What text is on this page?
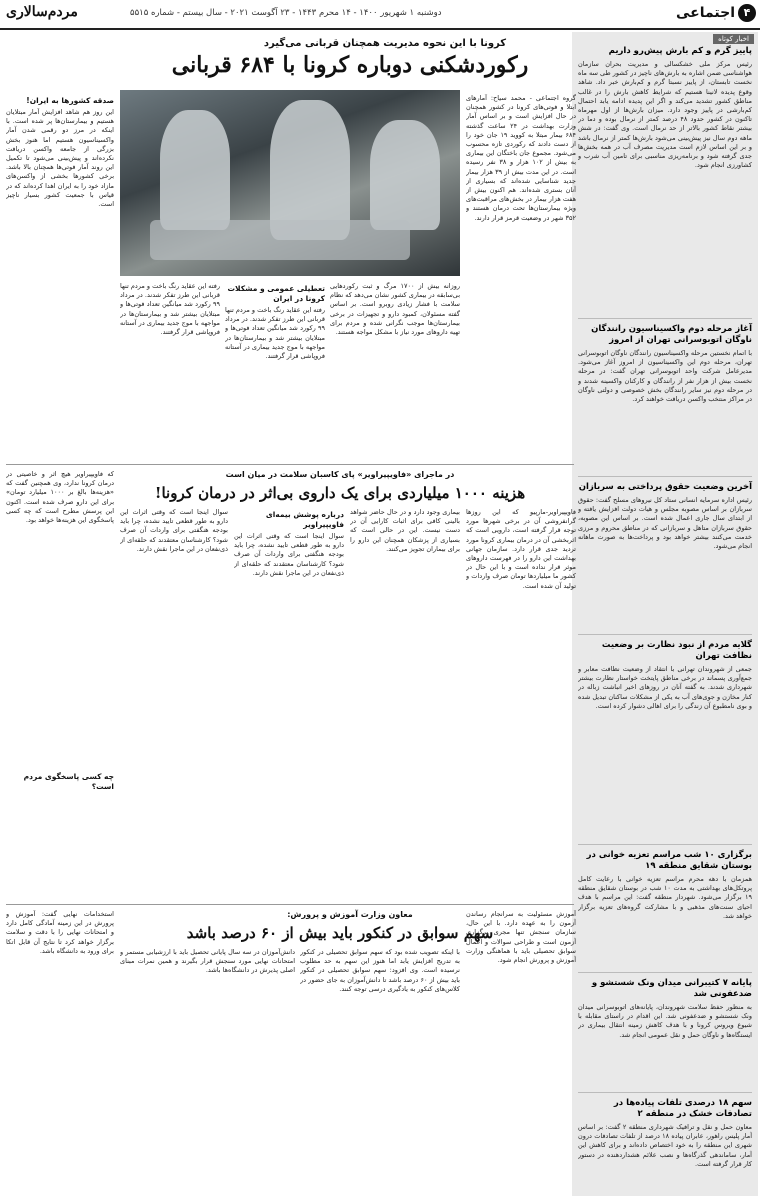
۴
اجتماعی
دوشنبه ۱ شهریور ۱۴۰۰ - ۱۴ محرم ۱۴۴۳ - ۲۳ آگوست ۲۰۲۱ - سال بیستم - شماره ۵۵۱۵
مردم‌سالاری
اخبار کوتاه
پاییز گرم و کم بارش پیش‌رو داریم
رئیس مرکز ملی خشکسالی و مدیریت بحران سازمان هواشناسی ضمن اشاره به بارش‌های ناچیز در کشور طی سه ماه نخست تابستان، از پاییز نسبتا گرم و کم‌بارش خبر داد. شاهد وقوع پدیده لانینا هستیم که شرایط کاهش بارش را در غالب مناطق کشور تشدید می‌کند و اگر این پدیده ادامه یابد احتمال کم‌بارشی در پاییز وجود دارد. میزان بارش‌ها از اول مهرماه تاکنون در کشور حدود ۴۸ درصد کمتر از نرمال بوده و دما در بیشتر نقاط کشور بالاتر از حد نرمال است. وی گفت: در شش ماهه دوم سال نیز پیش‌بینی می‌شود بارش‌ها کمتر از نرمال باشد و بر این اساس لازم است مدیریت مصرف آب در همه بخش‌ها جدی گرفته شود و برنامه‌ریزی مناسبی برای تامین آب شرب و کشاورزی انجام شود.
آغاز مرحله دوم واکسیناسیون رانندگان ناوگان اتوبوسرانی تهران از امروز
با اتمام نخستین مرحله واکسیناسیون رانندگان ناوگان اتوبوسرانی تهران، مرحله دوم این واکسیناسیون از امروز آغاز می‌شود. مدیرعامل شرکت واحد اتوبوسرانی تهران گفت: در مرحله نخست بیش از هزار نفر از رانندگان و کارکنان واکسینه شدند و در مرحله دوم نیز سایر رانندگان بخش خصوصی و دولتی ناوگان در مراکز منتخب واکسن دریافت خواهند کرد.
آخرین وضعیت حقوق پرداختی به سربازان
رئیس اداره سرمایه انسانی ستاد کل نیروهای مسلح گفت: حقوق سربازان بر اساس مصوبه مجلس و هیات دولت افزایش یافته و از ابتدای سال جاری اعمال شده است. بر اساس این مصوبه، حقوق سربازان متاهل و سربازانی که در مناطق محروم و مرزی خدمت می‌کنند بیشتر خواهد بود و پرداخت‌ها به صورت ماهانه انجام می‌شود.
گلایه مردم از نبود نظارت بر وضعیت نظافت تهران
جمعی از شهروندان تهرانی با انتقاد از وضعیت نظافت معابر و جمع‌آوری پسماند در برخی مناطق پایتخت خواستار نظارت بیشتر شهرداری شدند. به گفته آنان در روزهای اخیر انباشت زباله در کنار مخازن و جوی‌های آب به یکی از مشکلات ساکنان تبدیل شده و بوی نامطبوع آن زندگی را برای اهالی دشوار کرده است.
برگزاری ۱۰ شب مراسم تعزیه خوانی در بوستان شقایق منطقه ۱۹
همزمان با دهه محرم مراسم تعزیه خوانی با رعایت کامل پروتکل‌های بهداشتی به مدت ۱۰ شب در بوستان شقایق منطقه ۱۹ برگزار می‌شود. شهردار منطقه گفت: این مراسم با هدف احیای سنت‌های مذهبی و با مشارکت گروه‌های تعزیه برگزار خواهد شد.
پایانه ۷ کتیبرانی میدان ونک شستشو و ضدعفونی شد
به منظور حفظ سلامت شهروندان، پایانه‌های اتوبوسرانی میدان ونک شستشو و ضدعفونی شد. این اقدام در راستای مقابله با شیوع ویروس کرونا و با هدف کاهش زمینه انتقال بیماری در ایستگاه‌ها و ناوگان حمل و نقل عمومی انجام شد.
سهم ۱۸ درصدی تلفات پیاده‌ها در تصادفات خشک در منطقه ۲
معاون حمل و نقل و ترافیک شهرداری منطقه ۲ گفت: بر اساس آمار پلیس راهور، عابران پیاده ۱۸ درصد از تلفات تصادفات درون شهری این منطقه را به خود اختصاص داده‌اند و برای کاهش این آمار، ساماندهی گذرگاه‌ها و نصب علائم هشداردهنده در دستور کار قرار گرفته است.
کرونا با این نحوه مدیریت همچنان قربانی می‌گیرد
رکوردشکنی دوباره کرونا با ۶۸۴ قربانی
گروه اجتماعی - محمد سیاح: آمارهای ابتلا و فوتی‌های کرونا در کشور همچنان در حال افزایش است و بر اساس آمار وزارت بهداشت در ۲۴ ساعت گذشته ۶۸۴ بیمار مبتلا به کووید ۱۹ جان خود را از دست دادند که رکوردی تازه محسوب می‌شود. مجموع جان باختگان این بیماری به بیش از ۱۰۲ هزار و ۳۸ نفر رسیده است. در این مدت بیش از ۳۹ هزار بیمار جدید شناسایی شده‌اند که بسیاری از آنان بستری شده‌اند. هم اکنون بیش از هفت هزار بیمار در بخش‌های مراقبت‌های ویژه بیمارستان‌ها تحت درمان هستند و ۳۵۲ شهر در وضعیت قرمز قرار دارند.
روزانه بیش از ۱۷۰۰ مرگ و ثبت رکوردهایی بی‌سابقه در بیماری کشور نشان می‌دهد که نظام سلامت با فشار زیادی روبرو است. بر اساس گفته مسئولان، کمبود دارو و تجهیزات در برخی بیمارستان‌ها موجب نگرانی شده و مردم برای تهیه داروهای مورد نیاز با مشکل مواجه هستند.
تعطیلی عمومی و مشکلات کرونا در ایران
رفته این عقاید رنگ باخت و مردم تنها قربانی این طرز تفکر شدند. در مرداد ۹۹ رکورد شد میانگین تعداد فوتی‌ها و مبتلایان بیشتر شد و بیمارستان‌ها در مواجهه با موج جدید بیماری در آستانه فروپاشی قرار گرفتند.
رفته این عقاید رنگ باخت و مردم تنها قربانی این طرز تفکر شدند. در مرداد ۹۹ رکورد شد میانگین تعداد فوتی‌ها و مبتلایان بیشتر شد و بیمارستان‌ها در مواجهه با موج جدید بیماری در آستانه فروپاشی قرار گرفتند.
صدقه کشورها به ایران!
این روز هم شاهد افزایش آمار مبتلایان هستیم و بیمارستان‌ها پر شده است. با اینکه در مرز دو رقمی شدن آمار واکسیناسیون هستیم اما هنوز بخش بزرگی از جامعه واکسن دریافت نکرده‌اند و پیش‌بینی می‌شود تا تکمیل این روند آمار فوتی‌ها همچنان بالا باشد. برخی کشورها بخشی از واکسن‌های مازاد خود را به ایران اهدا کرده‌اند که در قیاس با جمعیت کشور بسیار ناچیز است.
در ماجرای «فاویپیراویر» پای کاسبان سلامت در میان است
هزینه ۱۰۰۰ میلیاردی برای یک داروی بی‌اثر در درمان کرونا!
فاویپیراویر-مارپیو که این روزها گرانفروشی آن در برخی شهرها مورد توجه قرار گرفته است، دارویی است که اثربخشی آن در درمان بیماری کرونا مورد تردید جدی قرار دارد. سازمان جهانی بهداشت این دارو را در فهرست داروهای موثر قرار نداده است و با این حال در کشور ما میلیاردها تومان صرف واردات و تولید آن شده است.
بیماری وجود دارد و در حال حاضر شواهد بالینی کافی برای اثبات کارایی آن در دست نیست. این در حالی است که بسیاری از پزشکان همچنان این دارو را برای بیماران تجویز می‌کنند.
درباره پوشش بیمه‌ای فاویپیراویر
سوال اینجا است که وقتی اثرات این دارو به طور قطعی تایید نشده، چرا باید بودجه هنگفتی برای واردات آن صرف شود؟ کارشناسان معتقدند که حلقه‌ای از ذی‌نفعان در این ماجرا نقش دارند.
سوال اینجا است که وقتی اثرات این دارو به طور قطعی تایید نشده، چرا باید بودجه هنگفتی برای واردات آن صرف شود؟ کارشناسان معتقدند که حلقه‌ای از ذی‌نفعان در این ماجرا نقش دارند.
که فاویپیراویر هیچ اثر و خاصیتی در درمان کرونا ندارد، وی همچنین گفت که «هزینه‌ها بالغ بر ۱۰۰۰ میلیارد تومان» برای این دارو صرف شده است. اکنون این پرسش مطرح است که چه کسی پاسخگوی این هزینه‌ها خواهد بود.
چه کسی پاسخگوی مردم است؟
معاون وزارت آموزش و پرورش:
سهم سوابق در کنکور باید بیش از ۶۰ درصد باشد
آموزش مسئولیت به سرانجام رساندن آزمون را به عهده دارد. با این حال، سازمان سنجش تنها مجری برگزاری آزمون است و طراحی سوالات و اعمال سوابق تحصیلی باید با هماهنگی وزارت آموزش و پرورش انجام شود.
با اینکه تصویب شده بود که سهم سوابق تحصیلی در کنکور به تدریج افزایش یابد اما هنوز این سهم به حد مطلوب نرسیده است. وی افزود: سهم سوابق تحصیلی در کنکور باید بیش از ۶۰ درصد باشد تا دانش‌آموزان به جای حضور در کلاس‌های کنکور به یادگیری درسی توجه کنند.
دانش‌آموزان در سه سال پایانی تحصیل باید با ارزشیابی مستمر و امتحانات نهایی مورد سنجش قرار بگیرند و همین نمرات مبنای اصلی پذیرش در دانشگاه‌ها باشد.
استخدامات نهایی گفت: آموزش و پرورش در این زمینه آمادگی کامل دارد و امتحانات نهایی را با دقت و سلامت برگزار خواهد کرد تا نتایج آن قابل اتکا برای ورود به دانشگاه باشد.
